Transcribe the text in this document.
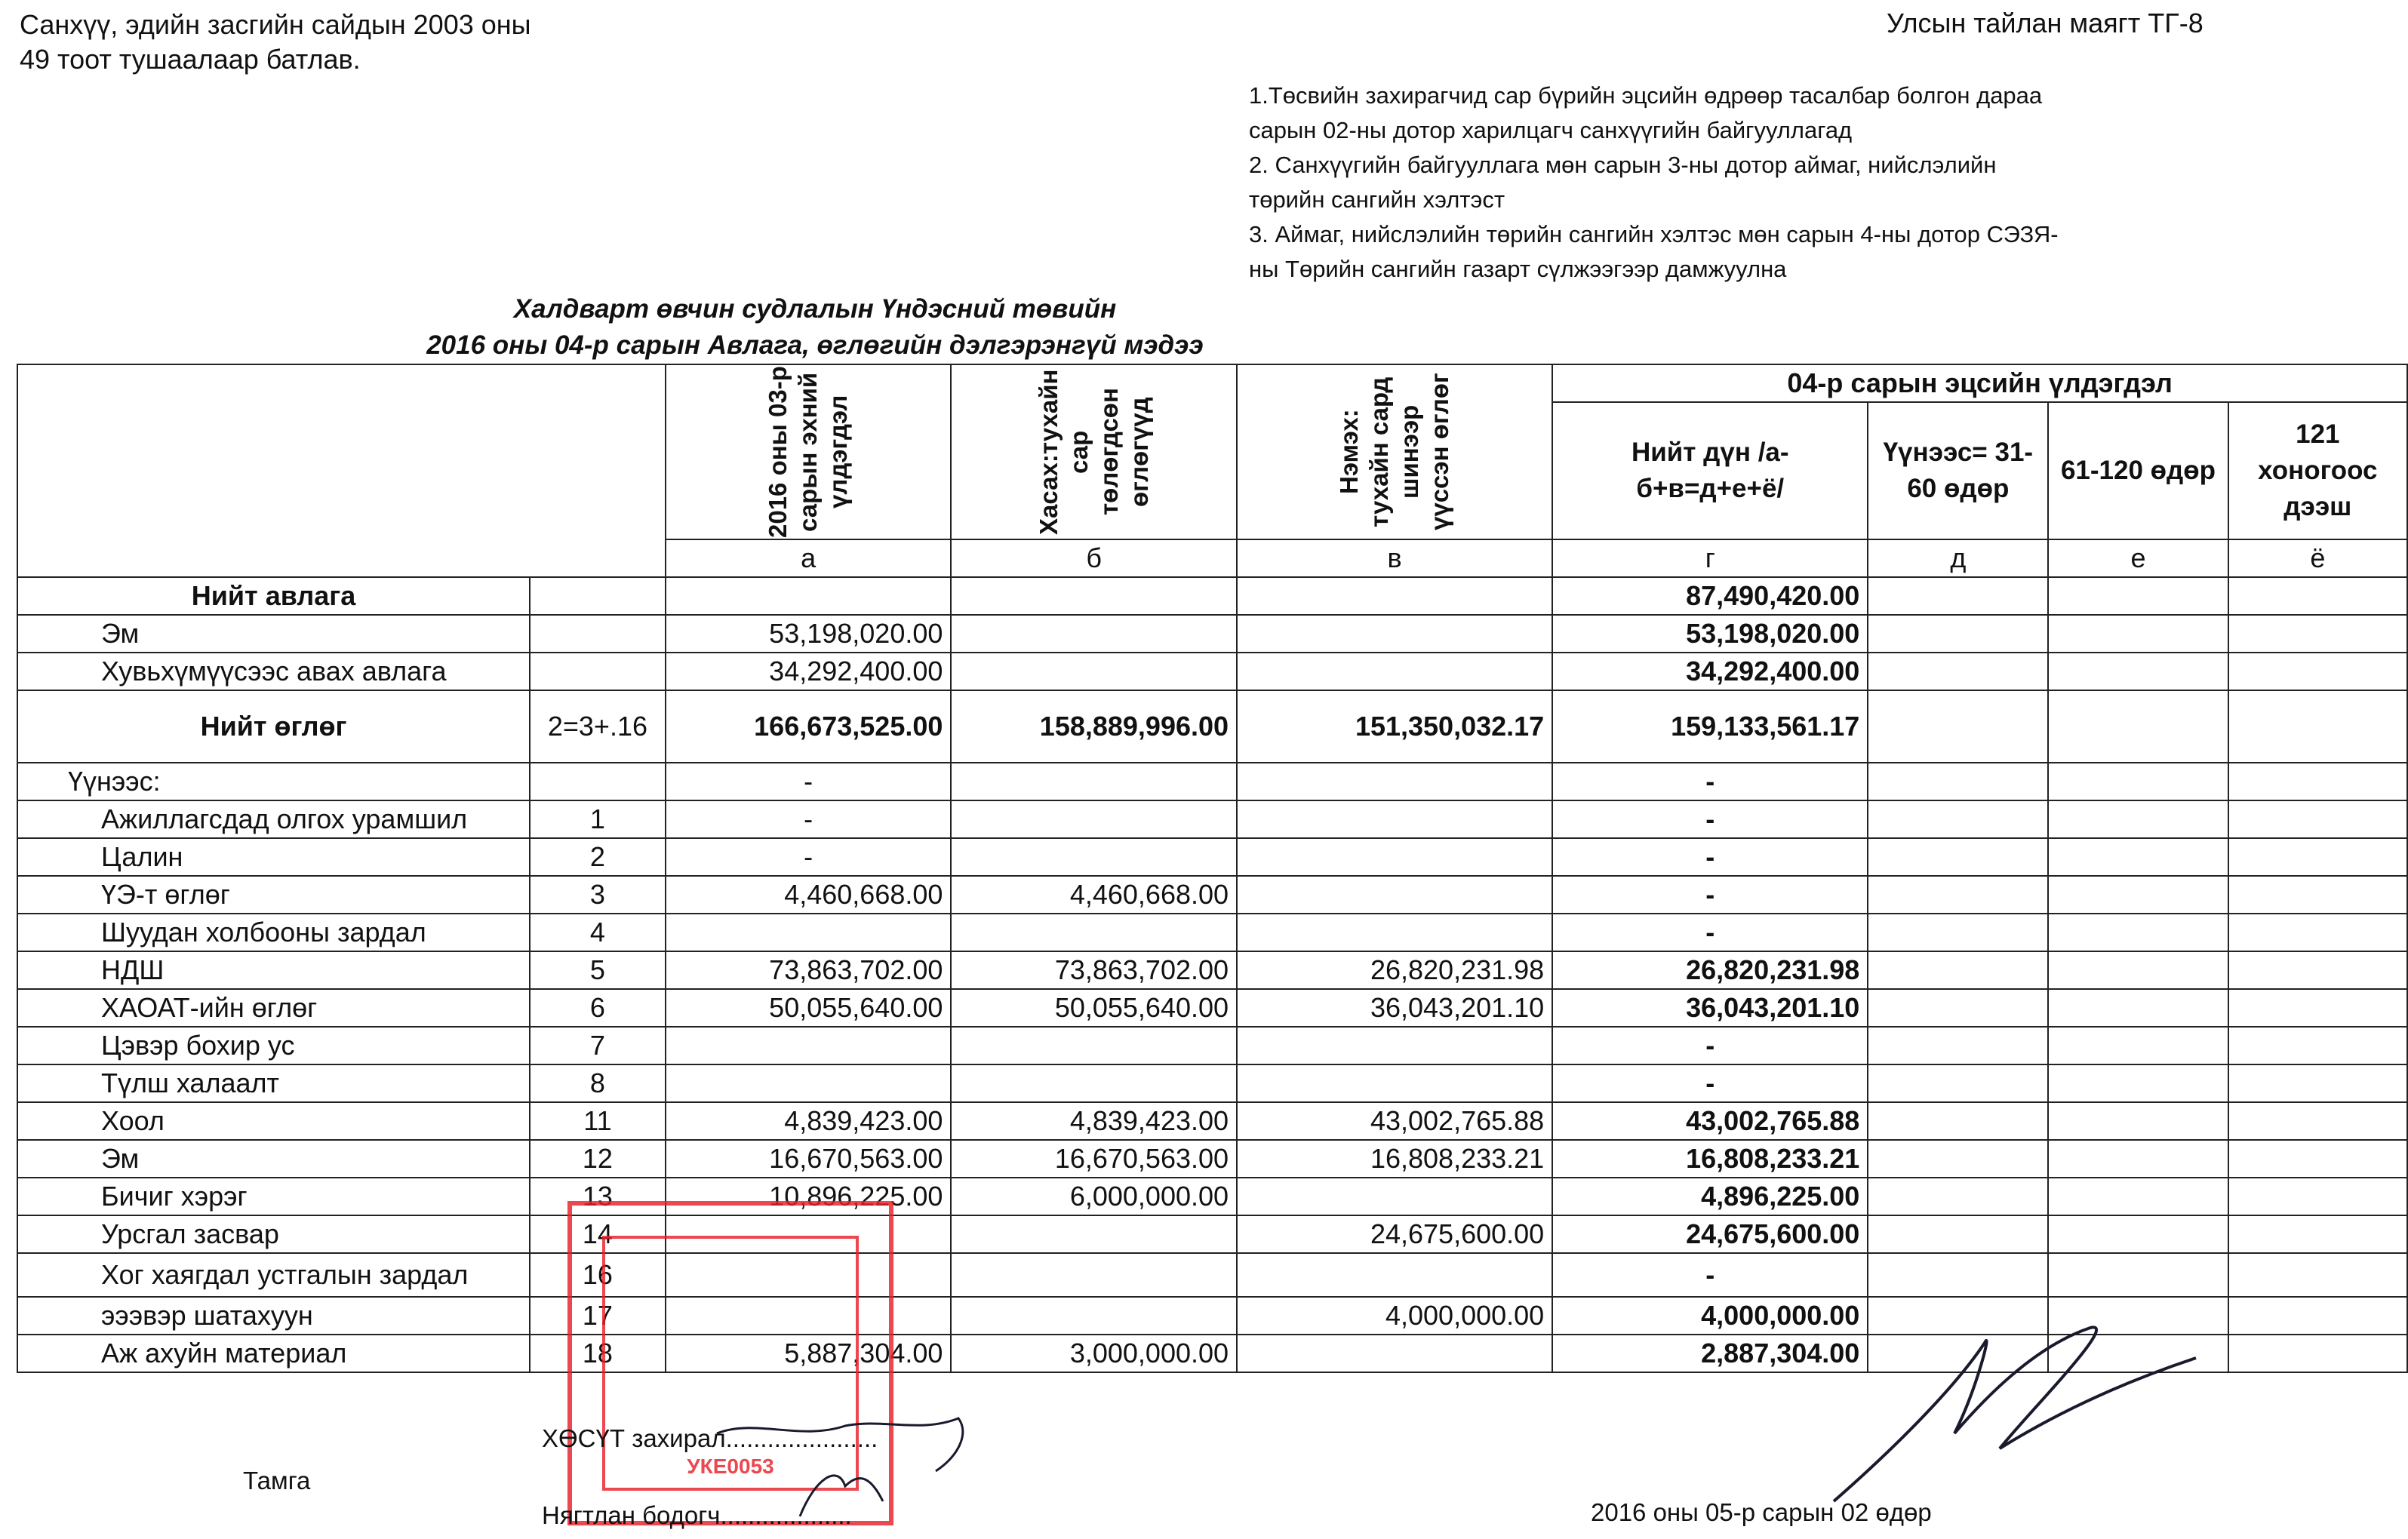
Санхүү, эдийн засгийн сайдын 2003 оны
49 тоот тушаалаар батлав.
Улсын тайлан маягт ТГ-8
1.Төсвийн захирагчид сар бүрийн эцсийн өдрөөр тасалбар болгон дараа
сарын 02-ны дотор харилцагч санхүүгийн байгууллагад
2. Санхүүгийн байгууллага мөн сарын 3-ны дотор аймаг, нийслэлийн
төрийн сангийн хэлтэст
3. Аймаг, нийслэлийн төрийн сангийн хэлтэс мөн сарын 4-ны дотор СЭЗЯ-
ны Төрийн сангийн газарт сүлжээгээр дамжуулна
Халдварт өвчин судлалын Үндэсний төвийн
2016 оны 04-р сарын Авлага, өглөгийн дэлгэрэнгүй мэдээ

		2016 оны 03-р сарын эхний үлдэгдэл	Хасах:тухайн сар төлөгдсөн өглөгүүд	Нэмэх: тухайн сард шинээр үүссэн өглөг	04-р сарын эцсийн үлдэгдэл			
					Нийт дүн /а-б+в=д+е+ё/	Үүнээс= 31-60 өдөр	61-120 өдөр	121 хоногоос дээш
		а	б	в	г	д	е	ё
Нийт авлага					87,490,420.00			
Эм		53,198,020.00			53,198,020.00			
Хувьхүмүүсээс авах авлага		34,292,400.00			34,292,400.00			
Нийт өглөг	2=3+.16	166,673,525.00	158,889,996.00	151,350,032.17	159,133,561.17			
Үүнээс:		-			-			
Ажиллагсдад олгох урамшил	1	-			-			
Цалин	2	-			-			
ҮЭ-т өглөг	3	4,460,668.00	4,460,668.00		-			
Шуудан холбооны зардал	4				-			
НДШ	5	73,863,702.00	73,863,702.00	26,820,231.98	26,820,231.98			
ХАОАТ-ийн өглөг	6	50,055,640.00	50,055,640.00	36,043,201.10	36,043,201.10			
Цэвэр бохир ус	7				-			
Түлш халаалт	8				-			
Хоол	11	4,839,423.00	4,839,423.00	43,002,765.88	43,002,765.88			
Эм	12	16,670,563.00	16,670,563.00	16,808,233.21	16,808,233.21			
Бичиг хэрэг	13	10,896,225.00	6,000,000.00		4,896,225.00			
Урсгал засвар	14			24,675,600.00	24,675,600.00			
Хог хаягдал устгалын зардал	16				-			
эээвэр шатахуун	17			4,000,000.00	4,000,000.00			
Аж ахуйн материал	18	5,887,304.00	3,000,000.00		2,887,304.00			
УКЕ0053
ХӨСҮТ захирал......................
Тамга
Нягтлан бодогч...................	2016 оны 05-р сарын 02 өдөр
